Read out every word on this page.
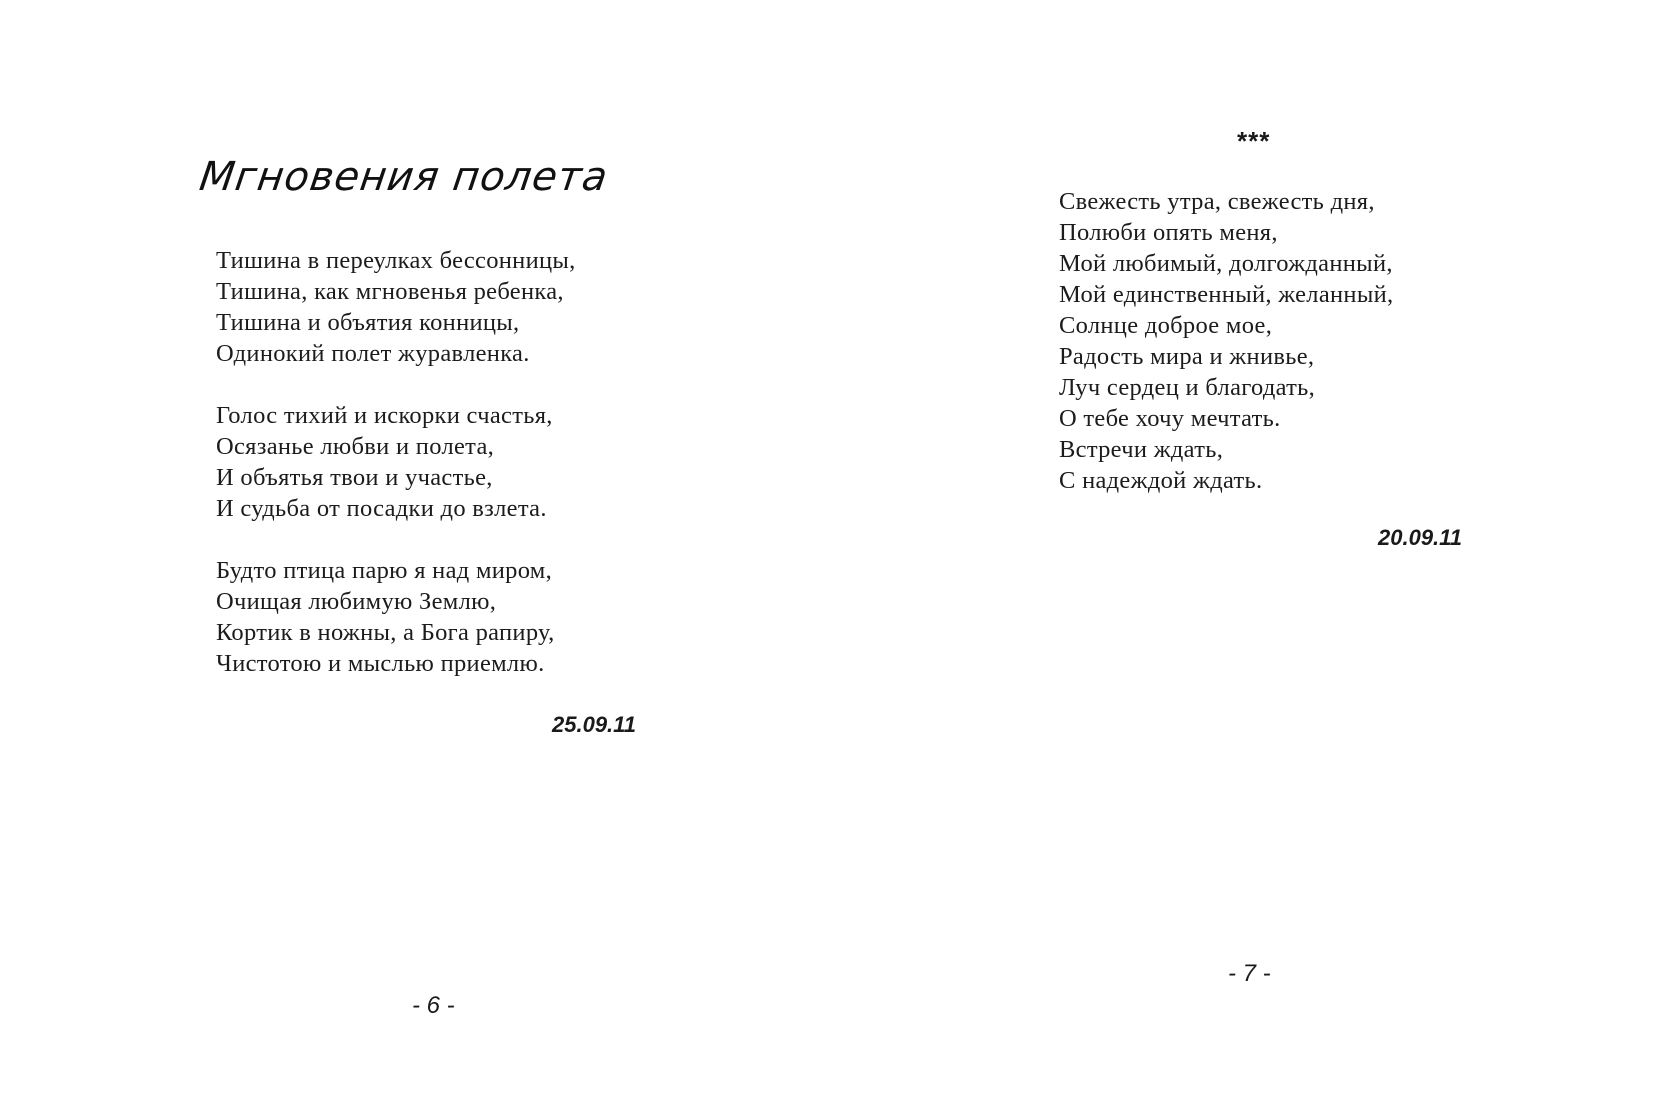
Мгновения полета
Тишина в переулках бессонницы,
Тишина, как мгновенья ребенка,
Тишина и объятия конницы,
Одинокий полет журавленка.
Голос тихий и искорки счастья,
Осязанье любви и полета,
И объятья твои и участье,
И судьба от посадки до взлета.
Будто птица парю я над миром,
Очищая любимую Землю,
Кортик в ножны, а Бога рапиру,
Чистотою и мыслью приемлю.
25.09.11
- 6 -
***
Свежесть утра, свежесть дня,
Полюби опять меня,
Мой любимый, долгожданный,
Мой единственный, желанный,
Солнце доброе мое,
Радость мира и жнивье,
Луч сердец и благодать,
О тебе хочу мечтать.
Встречи ждать,
С надеждой ждать.
20.09.11
- 7 -
